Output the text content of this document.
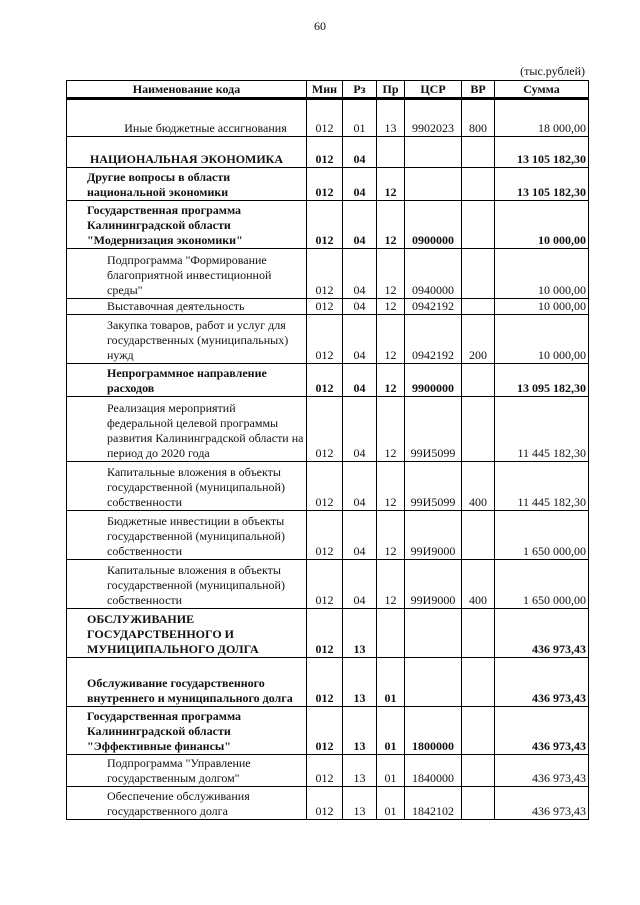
60
(тыс.рублей)
Наименование кода	Мин	Рз	Пр	ЦСР	ВР	Сумма
Иные бюджетные ассигнования	012	01	13	9902023	800	18 000,00
НАЦИОНАЛЬНАЯ ЭКОНОМИКА	012	04				13 105 182,30
Другие вопросы в области национальной экономики	012	04	12			13 105 182,30
Государственная программа Калининградской области "Модернизация экономики"	012	04	12	0900000		10 000,00
Подпрограмма "Формирование благоприятной инвестиционной среды"	012	04	12	0940000		10 000,00
Выставочная деятельность	012	04	12	0942192		10 000,00
Закупка товаров, работ и услуг для государственных (муниципальных) нужд	012	04	12	0942192	200	10 000,00
Непрограммное направление расходов	012	04	12	9900000		13 095 182,30
Реализация мероприятий федеральной целевой программы развития Калининградской области на период до 2020 года	012	04	12	99И5099		11 445 182,30
Капитальные вложения в объекты государственной (муниципальной) собственности	012	04	12	99И5099	400	11 445 182,30
Бюджетные инвестиции в объекты государственной (муниципальной) собственности	012	04	12	99И9000		1 650 000,00
Капитальные вложения в объекты государственной (муниципальной) собственности	012	04	12	99И9000	400	1 650 000,00
ОБСЛУЖИВАНИЕ ГОСУДАРСТВЕННОГО И МУНИЦИПАЛЬНОГО ДОЛГА	012	13				436 973,43
Обслуживание государственного внутреннего и муниципального долга	012	13	01			436 973,43
Государственная программа Калининградской области "Эффективные финансы"	012	13	01	1800000		436 973,43
Подпрограмма "Управление государственным долгом"	012	13	01	1840000		436 973,43
Обеспечение обслуживания государственного долга	012	13	01	1842102		436 973,43
